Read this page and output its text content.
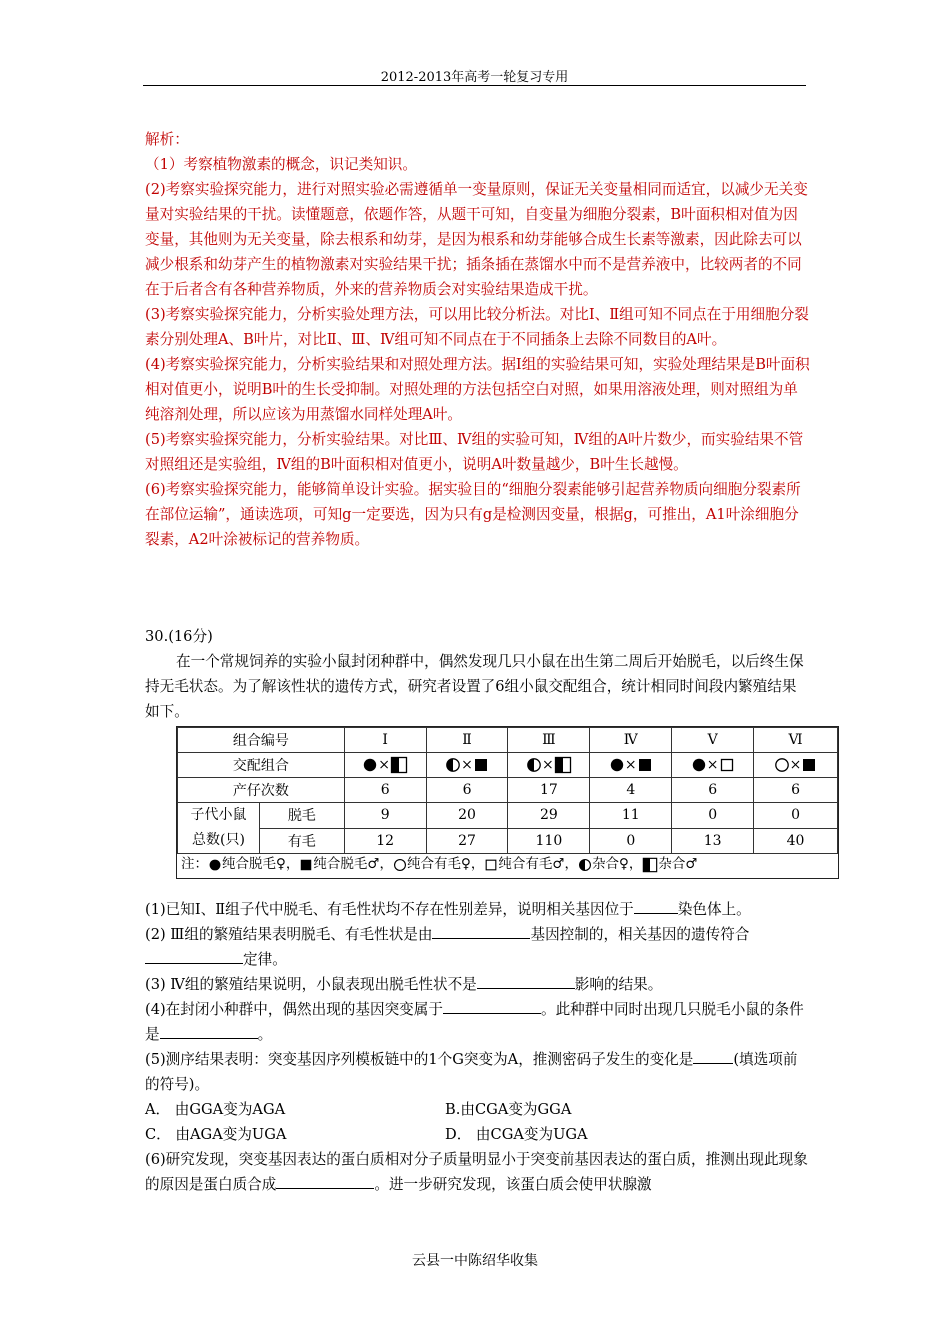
2012-2013年高考一轮复习专用

解析：

（1）考察植物激素的概念，识记类知识。

(2)考察实验探究能力，进行对照实验必需遵循单一变量原则，保证无关变量相同而适宜，以减少无关变量对实验结果的干扰。读懂题意，依题作答，从题干可知，自变量为细胞分裂素，B叶面积相对值为因变量，其他则为无关变量，除去根系和幼芽，是因为根系和幼芽能够合成生长素等激素，因此除去可以减少根系和幼芽产生的植物激素对实验结果干扰；插条插在蒸馏水中而不是营养液中，比较两者的不同在于后者含有各种营养物质，外来的营养物质会对实验结果造成干扰。

(3)考察实验探究能力，分析实验处理方法，可以用比较分析法。对比Ⅰ、Ⅱ组可知不同点在于用细胞分裂素分别处理A、B叶片，对比Ⅱ、Ⅲ、Ⅳ组可知不同点在于不同插条上去除不同数目的A叶。

(4)考察实验探究能力，分析实验结果和对照处理方法。据Ⅰ组的实验结果可知，实验处理结果是B叶面积相对值更小，说明B叶的生长受抑制。对照处理的方法包括空白对照，如果用溶液处理，则对照组为单纯溶剂处理，所以应该为用蒸馏水同样处理A叶。

(5)考察实验探究能力，分析实验结果。对比Ⅲ、Ⅳ组的实验可知，Ⅳ组的A叶片数少，而实验结果不管对照组还是实验组，Ⅳ组的B叶面积相对值更小，说明A叶数量越少，B叶生长越慢。

(6)考察实验探究能力，能够简单设计实验。据实验目的“细胞分裂素能够引起营养物质向细胞分裂素所在部位运输”，通读选项，可知g一定要选，因为只有g是检测因变量，根据g，可推出，A1叶涂细胞分裂素，A2叶涂被标记的营养物质。

30.(16分)

在一个常规饲养的实验小鼠封闭种群中，偶然发现几只小鼠在出生第二周后开始脱毛，以后终生保持无毛状态。为了解该性状的遗传方式，研究者设置了6组小鼠交配组合，统计相同时间段内繁殖结果如下。

组合编号		Ⅰ	Ⅱ	Ⅲ	Ⅳ	Ⅴ	Ⅵ
交配组合		×	×	×	×	×	×
产仔次数		6	6	17	4	6	6
子代小鼠
总数(只)	脱毛	9	20	29	11	0	0
	有毛	12	27	110	0	13	40
注： 纯合脱毛♀， 纯合脱毛♂， 纯合有毛♀， 纯合有毛♂， 杂合♀， 杂合♂

(1)已知Ⅰ、Ⅱ组子代中脱毛、有毛性状均不存在性别差异，说明相关基因位于	染色体上。

(2) Ⅲ组的繁殖结果表明脱毛、有毛性状是由	基因控制的，相关基因的遗传符合定律。

(3) Ⅳ组的繁殖结果说明，小鼠表现出脱毛性状不是	影响的结果。

(4)在封闭小种群中，偶然出现的基因突变属于	。此种群中同时出现几只脱毛小鼠的条件是	。

(5)测序结果表明：突变基因序列模板链中的1个G突变为A，推测密码子发生的变化是	(填选项前的符号)。

A． 由GGA变为AGA	B.由CGA变为GGA

C． 由AGA变为UGA	D． 由CGA变为UGA

(6)研究发现，突变基因表达的蛋白质相对分子质量明显小于突变前基因表达的蛋白质，推测出现此现象的原因是蛋白质合成	。进一步研究发现，该蛋白质会使甲状腺激

云县一中陈绍华收集
